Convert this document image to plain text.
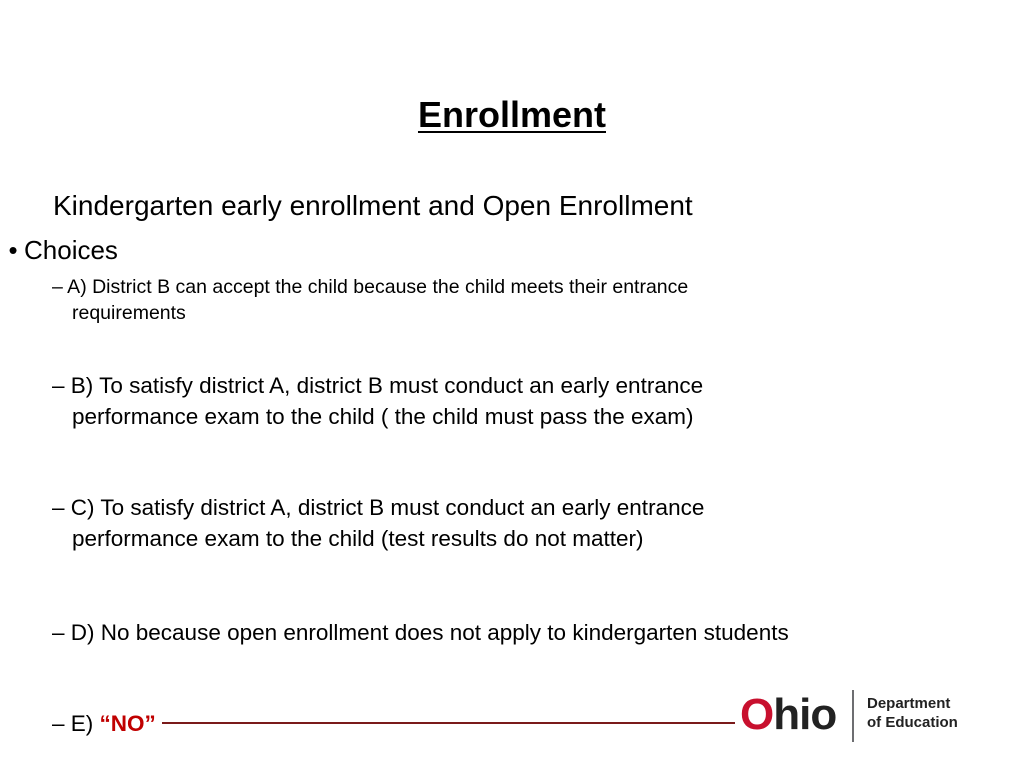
Enrollment

Kindergarten early enrollment and Open Enrollment

• Choices
– A) District B can accept the child because the child meets their entrance
requirements
– B) To satisfy district A, district B must conduct an early entrance
performance exam to the child ( the child must pass the exam)
– C) To satisfy district A, district B must conduct an early entrance
performance exam to the child (test results do not matter)
– D) No because open enrollment does not apply to kindergarten students
– E) “NO”	Ohio Department
of Education
